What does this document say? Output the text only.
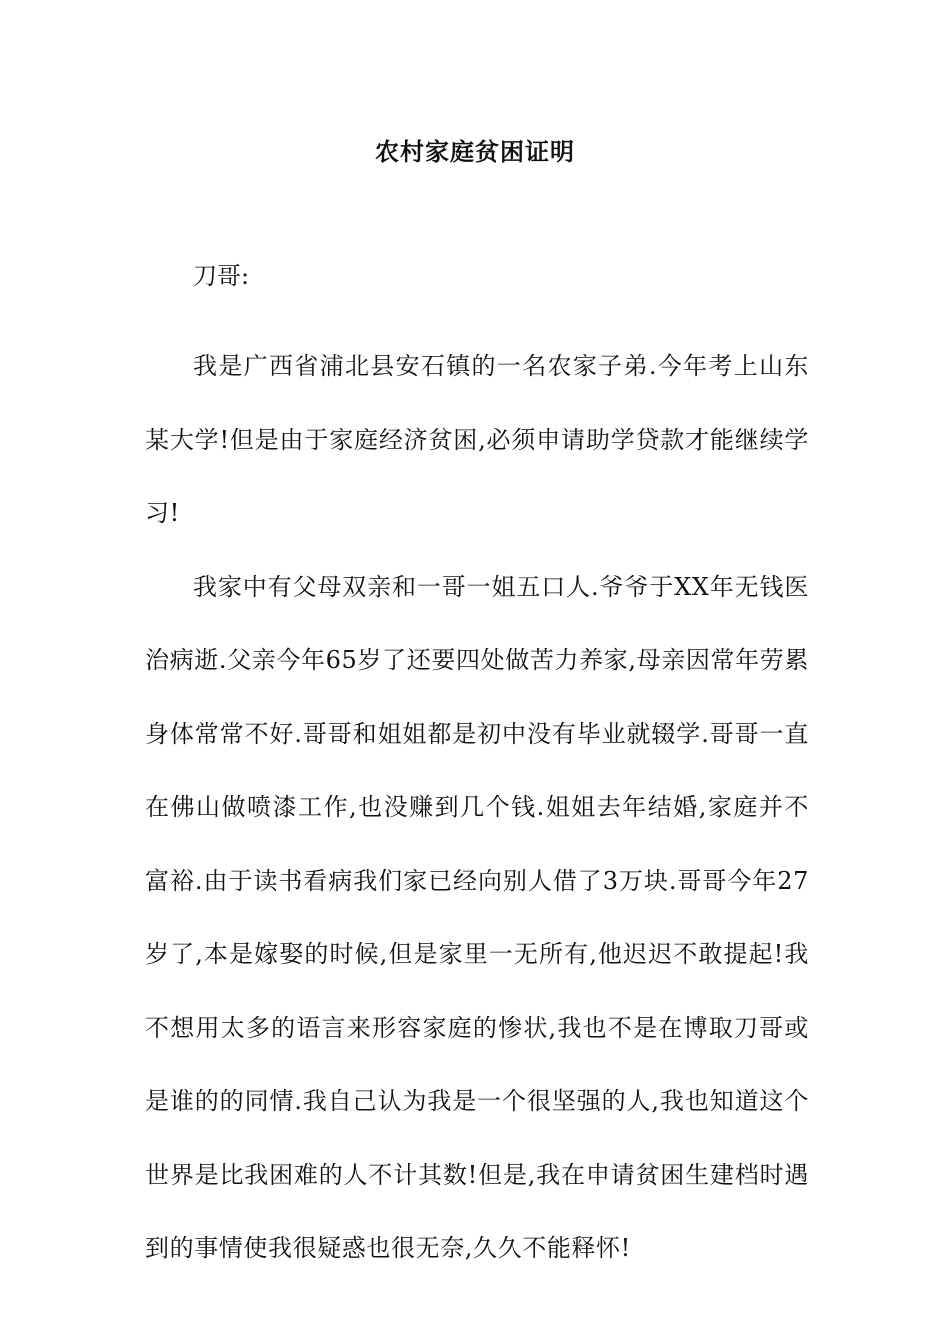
农村家庭贫困证明
刀哥:

我是广西省浦北县安石镇的一名农家子弟.今年考上山东某大学!但是由于家庭经济贫困,必须申请助学贷款才能继续学习!

我家中有父母双亲和一哥一姐五口人.爷爷于XX年无钱医治病逝.父亲今年65岁了还要四处做苦力养家,母亲因常年劳累身体常常不好.哥哥和姐姐都是初中没有毕业就辍学.哥哥一直在佛山做喷漆工作,也没赚到几个钱.姐姐去年结婚,家庭并不富裕.由于读书看病我们家已经向别人借了3万块.哥哥今年27岁了,本是嫁娶的时候,但是家里一无所有,他迟迟不敢提起!我不想用太多的语言来形容家庭的惨状,我也不是在博取刀哥或是谁的的同情.我自己认为我是一个很坚强的人,我也知道这个世界是比我困难的人不计其数!但是,我在申请贫困生建档时遇到的事情使我很疑惑也很无奈,久久不能释怀!
